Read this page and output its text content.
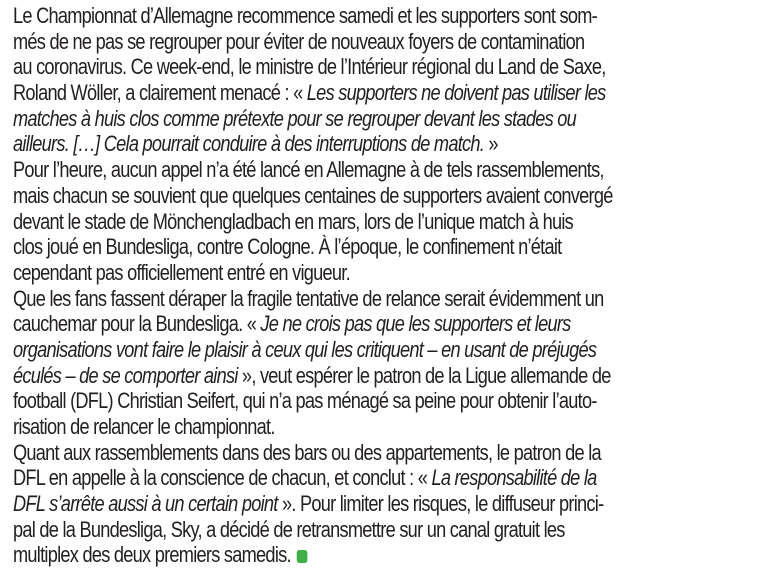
Le Championnat d’Allemagne recommence samedi et les supporters sont som-
més de ne pas se regrouper pour éviter de nouveaux foyers de contamination
au coronavirus. Ce week-end, le ministre de l’Intérieur régional du Land de Saxe,
Roland Wöller, a clairement menacé : « Les supporters ne doivent pas utiliser les
matches à huis clos comme prétexte pour se regrouper devant les stades ou
ailleurs. […] Cela pourrait conduire à des interruptions de match. »
Pour l’heure, aucun appel n’a été lancé en Allemagne à de tels rassemblements,
mais chacun se souvient que quelques centaines de supporters avaient convergé
devant le stade de Mönchengladbach en mars, lors de l’unique match à huis
clos joué en Bundesliga, contre Cologne. À l’époque, le confinement n’était
cependant pas officiellement entré en vigueur.
Que les fans fassent déraper la fragile tentative de relance serait évidemment un
cauchemar pour la Bundesliga. « Je ne crois pas que les supporters et leurs
organisations vont faire le plaisir à ceux qui les critiquent – en usant de préjugés
éculés – de se comporter ainsi », veut espérer le patron de la Ligue allemande de
football (DFL) Christian Seifert, qui n’a pas ménagé sa peine pour obtenir l’auto-
risation de relancer le championnat.
Quant aux rassemblements dans des bars ou des appartements, le patron de la
DFL en appelle à la conscience de chacun, et conclut : « La responsabilité de la
DFL s’arrête aussi à un certain point ». Pour limiter les risques, le diffuseur princi-
pal de la Bundesliga, Sky, a décidé de retransmettre sur un canal gratuit les
multiplex des deux premiers samedis.
